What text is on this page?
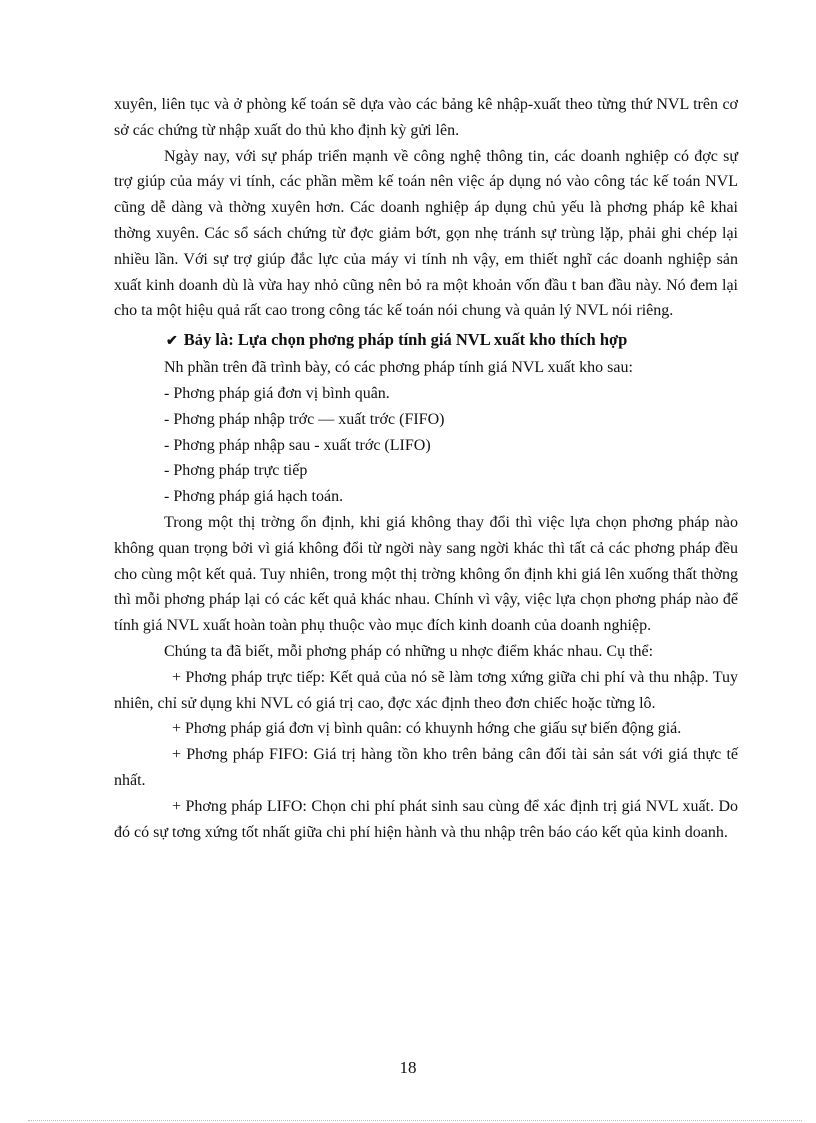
xuyên, liên tục và ở phòng kế toán sẽ dựa vào các bảng kê nhập-xuất theo từng thứ NVL trên cơ sở các chứng từ nhập xuất do thủ kho định kỳ gửi lên.

Ngày nay, với sự pháp triển mạnh về công nghệ thông tin, các doanh nghiệp có đợc sự trợ giúp của máy vi tính, các phần mềm kế toán nên việc áp dụng nó vào công tác kế toán NVL cũng dễ dàng và thờng xuyên hơn. Các doanh nghiệp áp dụng chủ yếu là phơng pháp kê khai thờng xuyên. Các sổ sách chứng từ đợc giảm bớt, gọn nhẹ tránh sự trùng lặp, phải ghi chép lại nhiều lần. Với sự trợ giúp đắc lực của máy vi tính nh vậy, em thiết nghĩ các doanh nghiệp sản xuất kinh doanh dù là vừa hay nhỏ cũng nên bỏ ra một khoản vốn đầu t ban đầu này. Nó đem lại cho ta một hiệu quả rất cao trong công tác kế toán nói chung và quản lý NVL nói riêng.

✔ Bảy là: Lựa chọn phơng pháp tính giá NVL xuất kho thích hợp

Nh phần trên đã trình bày, có các phơng pháp tính giá NVL xuất kho sau:

- Phơng pháp giá đơn vị bình quân.
- Phơng pháp nhập trớc — xuất trớc (FIFO)
- Phơng pháp nhập sau - xuất trớc (LIFO)
- Phơng pháp trực tiếp
- Phơng pháp giá hạch toán.

Trong một thị trờng ổn định, khi giá không thay đổi thì việc lựa chọn phơng pháp nào không quan trọng bởi vì giá không đổi từ ngời này sang ngời khác thì tất cả các phơng pháp đều cho cùng một kết quả. Tuy nhiên, trong một thị trờng không ổn định khi giá lên xuống thất thờng thì mỗi phơng pháp lại có các kết quả khác nhau. Chính vì vậy, việc lựa chọn phơng pháp nào để tính giá NVL xuất hoàn toàn phụ thuộc vào mục đích kinh doanh của doanh nghiệp.

Chúng ta đã biết, mỗi phơng pháp có những u nhợc điểm khác nhau. Cụ thể:

+ Phơng pháp trực tiếp: Kết quả của nó sẽ làm tơng xứng giữa chi phí và thu nhập. Tuy nhiên, chỉ sử dụng khi NVL có giá trị cao, đợc xác định theo đơn chiếc hoặc từng lô.

+ Phơng pháp giá đơn vị bình quân: có khuynh hớng che giấu sự biến động giá.

+ Phơng pháp FIFO: Giá trị hàng tồn kho trên bảng cân đối tài sản sát với giá thực tế nhất.

+ Phơng pháp LIFO: Chọn chi phí phát sinh sau cùng để xác định trị giá NVL xuất. Do đó có sự tơng xứng tốt nhất giữa chi phí hiện hành và thu nhập trên báo cáo kết qủa kinh doanh.

18
